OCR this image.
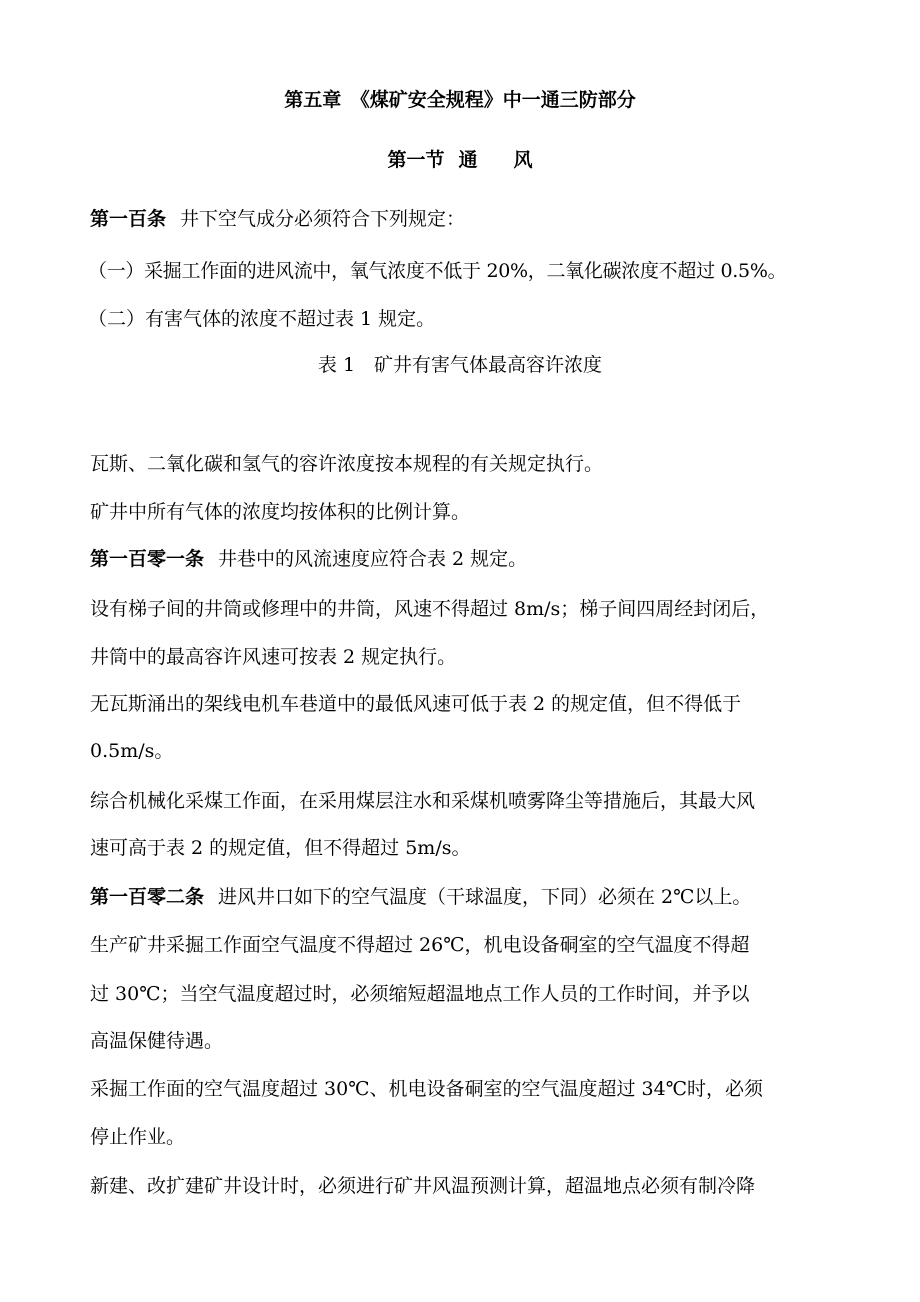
第五章　《煤矿安全规程》中一通三防部分
第一节 通 风
第一百条 井下空气成分必须符合下列规定：
（一）采掘工作面的进风流中，氧气浓度不低于 20%，二氧化碳浓度不超过 0.5%。
（二）有害气体的浓度不超过表 1 规定。
表 1　矿井有害气体最高容许浓度
瓦斯、二氧化碳和氢气的容许浓度按本规程的有关规定执行。
矿井中所有气体的浓度均按体积的比例计算。
第一百零一条 井巷中的风流速度应符合表 2 规定。
设有梯子间的井筒或修理中的井筒，风速不得超过 8m/s；梯子间四周经封闭后，
井筒中的最高容许风速可按表 2 规定执行。
无瓦斯涌出的架线电机车巷道中的最低风速可低于表 2 的规定值，但不得低于
0.5m/s。
综合机械化采煤工作面，在采用煤层注水和采煤机喷雾降尘等措施后，其最大风
速可高于表 2 的规定值，但不得超过 5m/s。
第一百零二条 进风井口如下的空气温度（干球温度，下同）必须在 2℃以上。
生产矿井采掘工作面空气温度不得超过 26℃，机电设备硐室的空气温度不得超
过 30℃；当空气温度超过时，必须缩短超温地点工作人员的工作时间，并予以
高温保健待遇。
采掘工作面的空气温度超过 30℃、机电设备硐室的空气温度超过 34℃时，必须
停止作业。
新建、改扩建矿井设计时，必须进行矿井风温预测计算，超温地点必须有制冷降
